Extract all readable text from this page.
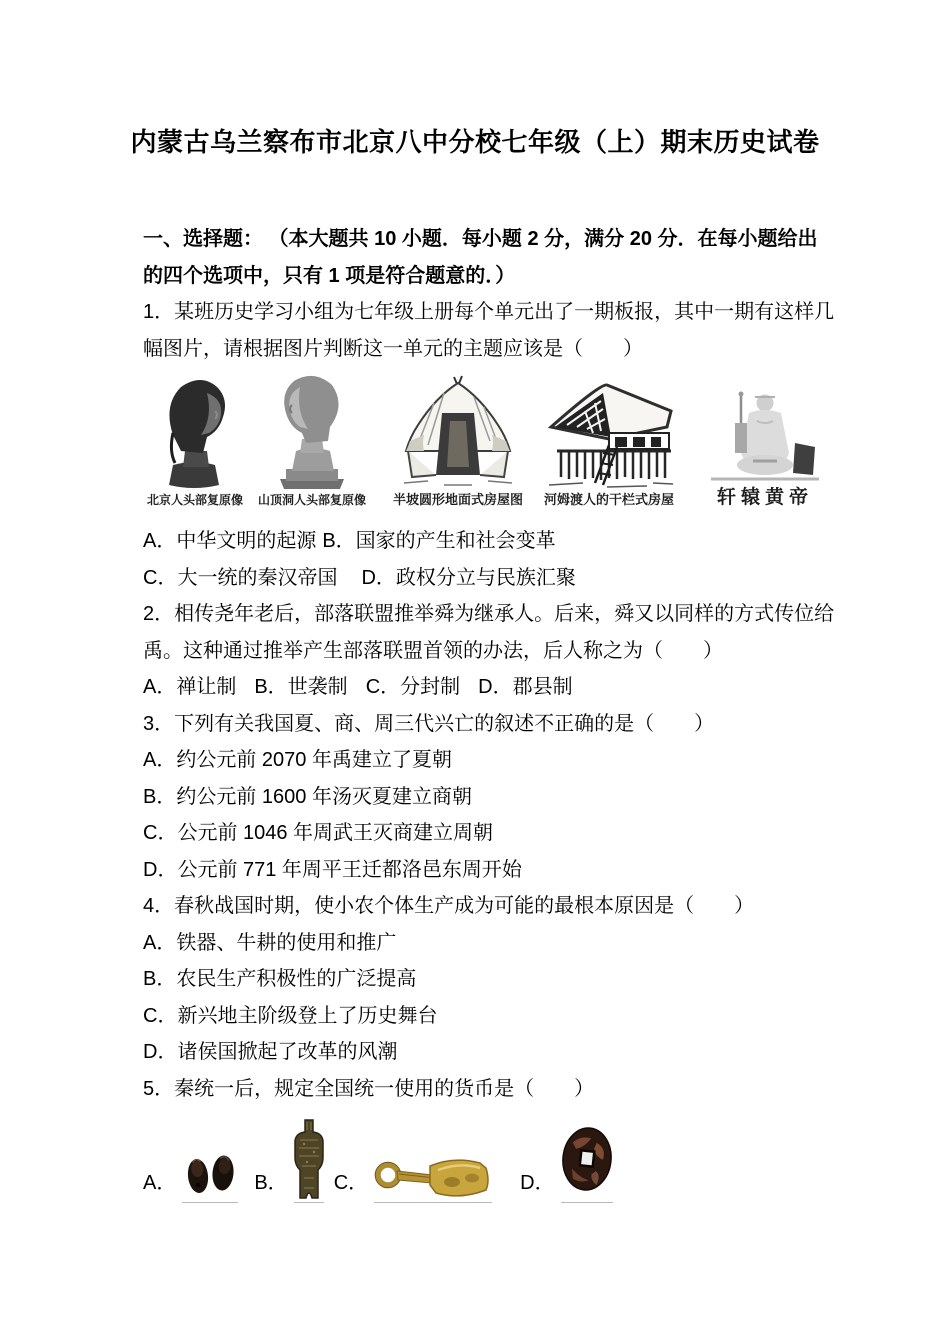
内蒙古乌兰察布市北京八中分校七年级（上）期末历史试卷

一、选择题： （本大题共 10 小题．每小题 2 分，满分 20 分．在每小题给出的四个选项中，只有 1 项是符合题意的．）

1．某班历史学习小组为七年级上册每个单元出了一期板报，其中一期有这样几幅图片，请根据图片判断这一单元的主题应该是（　　）

北京人头部复原像	山顶洞人头部复原像	半坡圆形地面式房屋图	河姆渡人的干栏式房屋	轩辕黄帝

A．中华文明的起源 B．国家的产生和社会变革

C．大一统的秦汉帝国 D．政权分立与民族汇聚

2．相传尧年老后，部落联盟推举舜为继承人。后来，舜又以同样的方式传位给禹。这种通过推举产生部落联盟首领的办法，后人称之为（　　）

A．禅让制 B．世袭制 C．分封制 D．郡县制

3．下列有关我国夏、商、周三代兴亡的叙述不正确的是（　　）

A．约公元前 2070 年禹建立了夏朝

B．约公元前 1600 年汤灭夏建立商朝

C．公元前 1046 年周武王灭商建立周朝

D．公元前 771 年周平王迁都洛邑东周开始

4．春秋战国时期，使小农个体生产成为可能的最根本原因是（　　）

A．铁器、牛耕的使用和推广

B．农民生产积极性的广泛提高

C．新兴地主阶级登上了历史舞台

D．诸侯国掀起了改革的风潮

5．秦统一后，规定全国统一使用的货币是（　　）

A．	B． C．	D．
